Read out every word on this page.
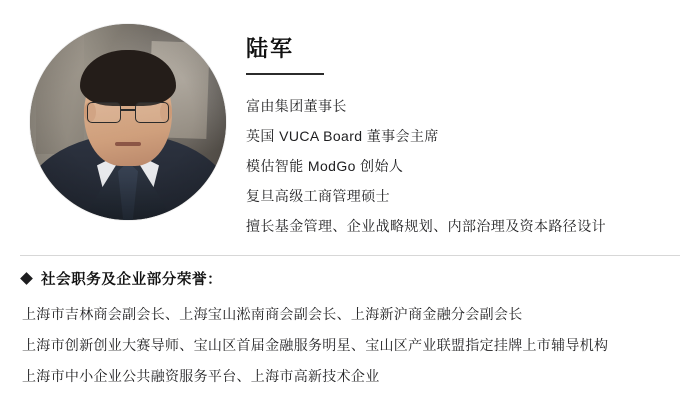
陆军
富由集团董事长
英国 VUCA Board 董事会主席
模估智能 ModGo 创始人
复旦高级工商管理硕士
擅长基金管理、企业战略规划、内部治理及资本路径设计
社会职务及企业部分荣誉：
上海市吉林商会副会长、上海宝山淞南商会副会长、上海新沪商金融分会副会长
上海市创新创业大赛导师、宝山区首届金融服务明星、宝山区产业联盟指定挂牌上市辅导机构
上海市中小企业公共融资服务平台、上海市高新技术企业
